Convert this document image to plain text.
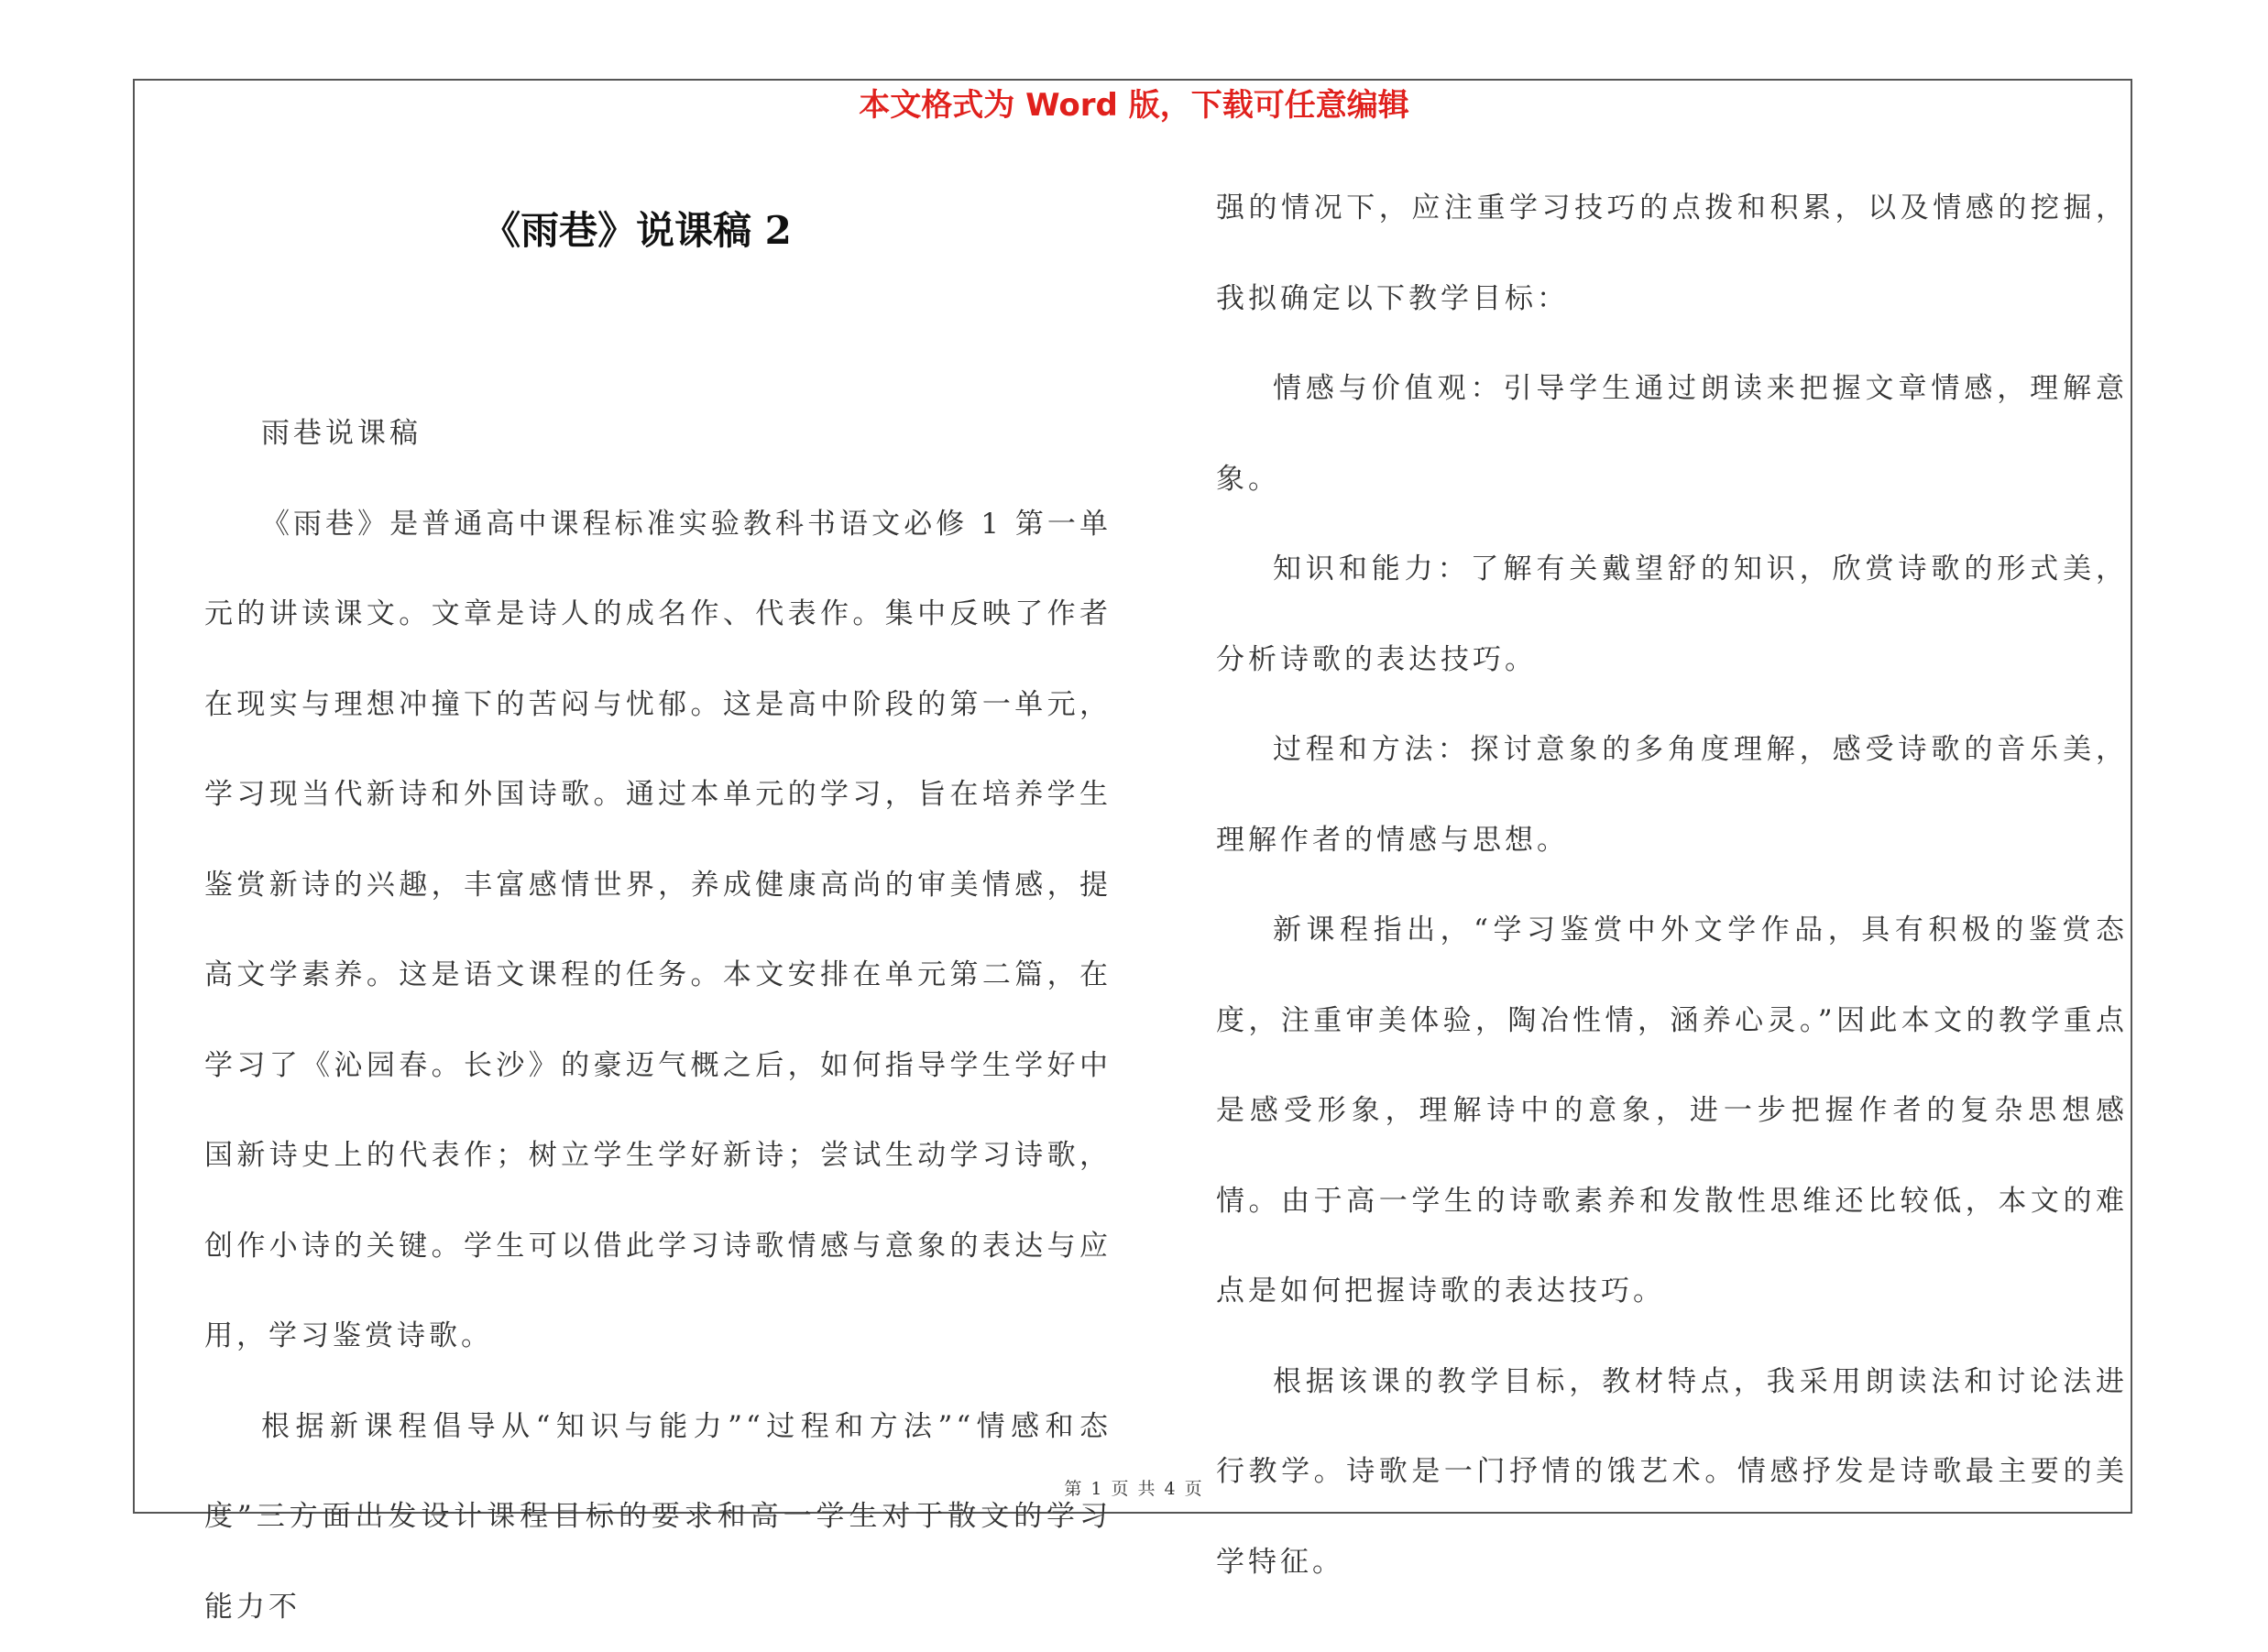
本文格式为 Word 版，下载可任意编辑
《雨巷》说课稿 2

雨巷说课稿

《雨巷》是普通高中课程标准实验教科书语文必修 1 第一单元的讲读课文。文章是诗人的成名作、代表作。集中反映了作者在现实与理想冲撞下的苦闷与忧郁。这是高中阶段的第一单元，学习现当代新诗和外国诗歌。通过本单元的学习，旨在培养学生鉴赏新诗的兴趣，丰富感情世界，养成健康高尚的审美情感，提高文学素养。这是语文课程的任务。本文安排在单元第二篇，在学习了《沁园春。长沙》的豪迈气概之后，如何指导学生学好中国新诗史上的代表作；树立学生学好新诗；尝试生动学习诗歌，创作小诗的关键。学生可以借此学习诗歌情感与意象的表达与应用，学习鉴赏诗歌。

根据新课程倡导从“知识与能力”“过程和方法”“情感和态度”三方面出发设计课程目标的要求和高一学生对于散文的学习能力不

强的情况下，应注重学习技巧的点拨和积累，以及情感的挖掘，我拟确定以下教学目标：

情感与价值观：引导学生通过朗读来把握文章情感，理解意象。

知识和能力：了解有关戴望舒的知识，欣赏诗歌的形式美，分析诗歌的表达技巧。

过程和方法：探讨意象的多角度理解，感受诗歌的音乐美，理解作者的情感与思想。

新课程指出，“学习鉴赏中外文学作品，具有积极的鉴赏态度，注重审美体验，陶冶性情，涵养心灵。”因此本文的教学重点是感受形象，理解诗中的意象，进一步把握作者的复杂思想感情。由于高一学生的诗歌素养和发散性思维还比较低，本文的难点是如何把握诗歌的表达技巧。

根据该课的教学目标，教材特点，我采用朗读法和讨论法进行教学。诗歌是一门抒情的饿艺术。情感抒发是诗歌最主要的美学特征。

第 1 页 共 4 页
